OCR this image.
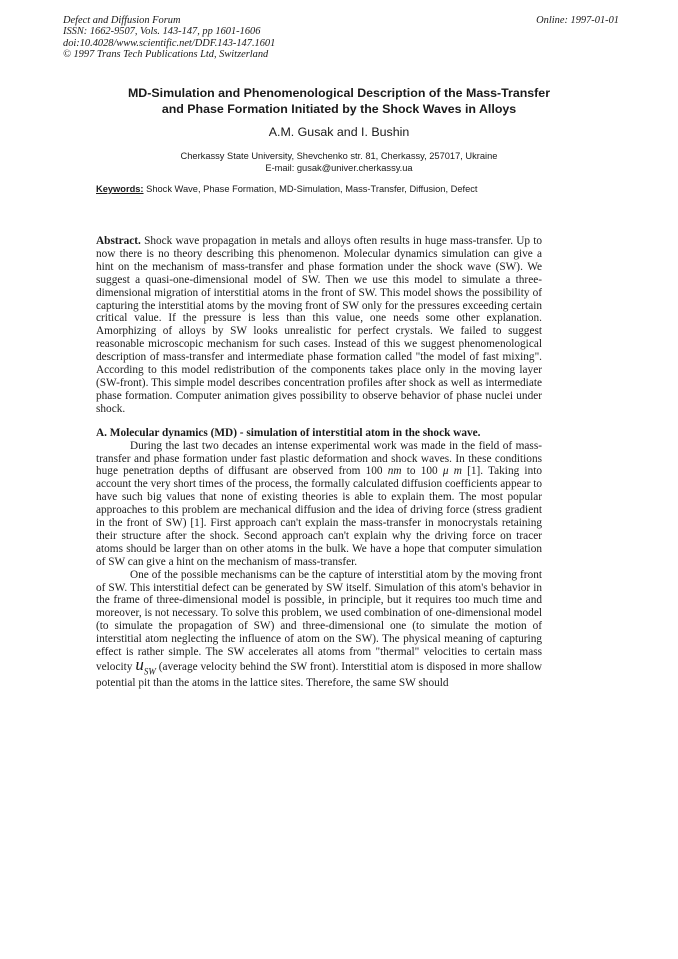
Defect and Diffusion Forum
ISSN: 1662-9507, Vols. 143-147, pp 1601-1606
doi:10.4028/www.scientific.net/DDF.143-147.1601
© 1997 Trans Tech Publications Ltd, Switzerland
Online: 1997-01-01
MD-Simulation and Phenomenological Description of the Mass-Transfer
and Phase Formation Initiated by the Shock Waves in Alloys
A.M. Gusak and I. Bushin
Cherkassy State University, Shevchenko str. 81, Cherkassy, 257017, Ukraine
E-mail: gusak@univer.cherkassy.ua
Keywords: Shock Wave, Phase Formation, MD-Simulation, Mass-Transfer, Diffusion, Defect

Abstract. Shock wave propagation in metals and alloys often results in huge mass-transfer. Up to now there is no theory describing this phenomenon. Molecular dynamics simulation can give a hint on the mechanism of mass-transfer and phase formation under the shock wave (SW). We suggest a quasi-one-dimensional model of SW. Then we use this model to simulate a three-dimensional migration of interstitial atoms in the front of SW. This model shows the possibility of capturing the interstitial atoms by the moving front of SW only for the pressures exceeding certain critical value. If the pressure is less than this value, one needs some other explanation. Amorphizing of alloys by SW looks unrealistic for perfect crystals. We failed to suggest reasonable microscopic mechanism for such cases. Instead of this we suggest phenomenological description of mass-transfer and intermediate phase formation called "the model of fast mixing". According to this model redistribution of the components takes place only in the moving layer (SW-front). This simple model describes concentration profiles after shock as well as intermediate phase formation. Computer animation gives possibility to observe behavior of phase nuclei under shock.

A. Molecular dynamics (MD) - simulation of interstitial atom in the shock wave.

During the last two decades an intense experimental work was made in the field of mass-transfer and phase formation under fast plastic deformation and shock waves. In these conditions huge penetration depths of diffusant are observed from 100 nm to 100 μ m [1]. Taking into account the very short times of the process, the formally calculated diffusion coefficients appear to have such big values that none of existing theories is able to explain them. The most popular approaches to this problem are mechanical diffusion and the idea of driving force (stress gradient in the front of SW) [1]. First approach can't explain the mass-transfer in monocrystals retaining their structure after the shock. Second approach can't explain why the driving force on tracer atoms should be larger than on other atoms in the bulk. We have a hope that computer simulation of SW can give a hint on the mechanism of mass-transfer.

One of the possible mechanisms can be the capture of interstitial atom by the moving front of SW. This interstitial defect can be generated by SW itself. Simulation of this atom's behavior in the frame of three-dimensional model is possible, in principle, but it requires too much time and moreover, is not necessary. To solve this problem, we used combination of one-dimensional model (to simulate the propagation of SW) and three-dimensional one (to simulate the motion of interstitial atom neglecting the influence of atom on the SW). The physical meaning of capturing effect is rather simple. The SW accelerates all atoms from "thermal" velocities to certain mass velocity $u_{SW}$ (average velocity behind the SW front). Interstitial atom is disposed in more shallow potential pit than the atoms in the lattice sites. Therefore, the same SW should
